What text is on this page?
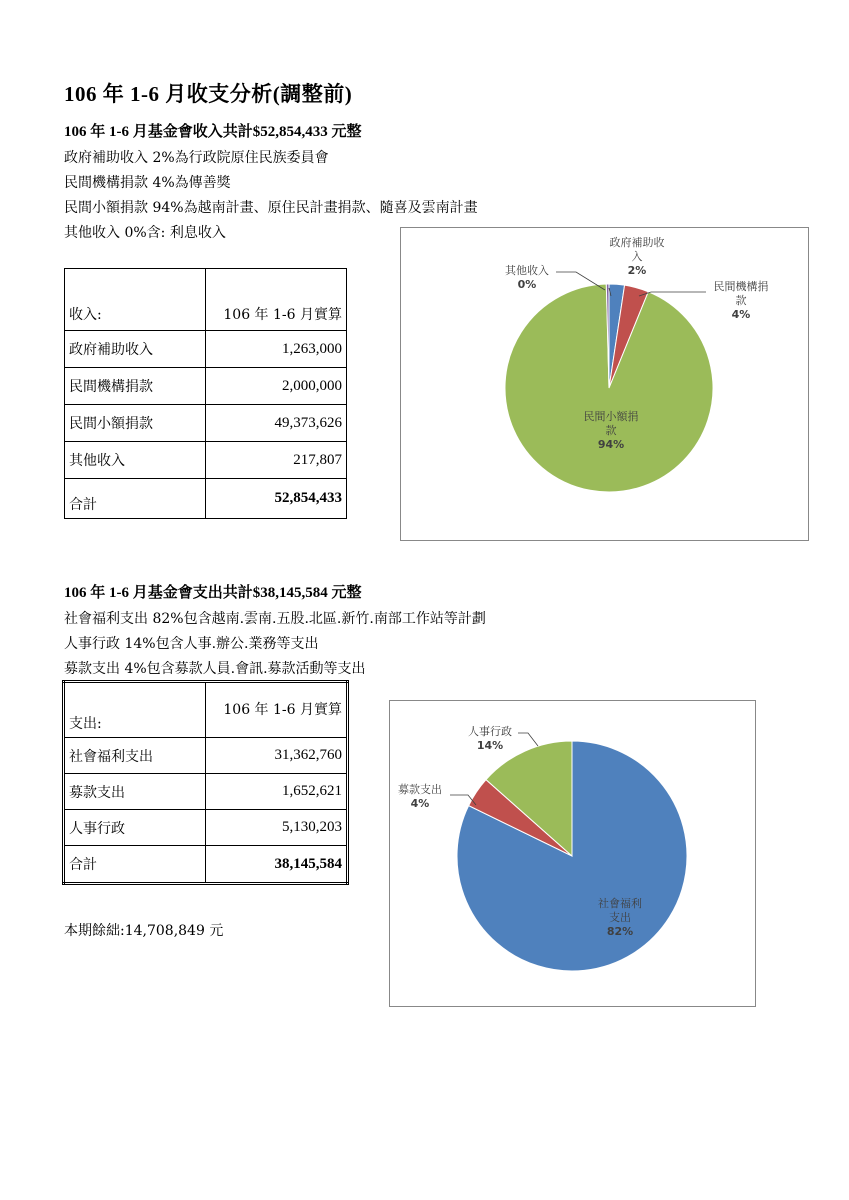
106 年 1-6 月收支分析(調整前)
106 年 1-6 月基金會收入共計$52,854,433 元整
政府補助收入 2%為行政院原住民族委員會
民間機構捐款 4%為傳善獎
民間小額捐款 94%為越南計畫、原住民計畫捐款、隨喜及雲南計畫
其他收入 0%含: 利息收入
收入:	106 年 1-6 月實算
政府補助收入	1,263,000
民間機構捐款	2,000,000
民間小額捐款	49,373,626
其他收入	217,807
合計	52,854,433
政府補助收入 2%
民間機構捐款 4%
民間小額捐款 94%
其他收入 0%
106 年 1-6 月基金會支出共計$38,145,584 元整
社會福利支出 82%包含越南.雲南.五股.北區.新竹.南部工作站等計劃
人事行政 14%包含人事.辦公.業務等支出
募款支出 4%包含募款人員.會訊.募款活動等支出
支出:	106 年 1-6 月實算
社會福利支出	31,362,760
募款支出	1,652,621
人事行政	5,130,203
合計	38,145,584
本期餘絀:14,708,849 元
社會福利支出 82%
募款支出 4%
人事行政 14%
